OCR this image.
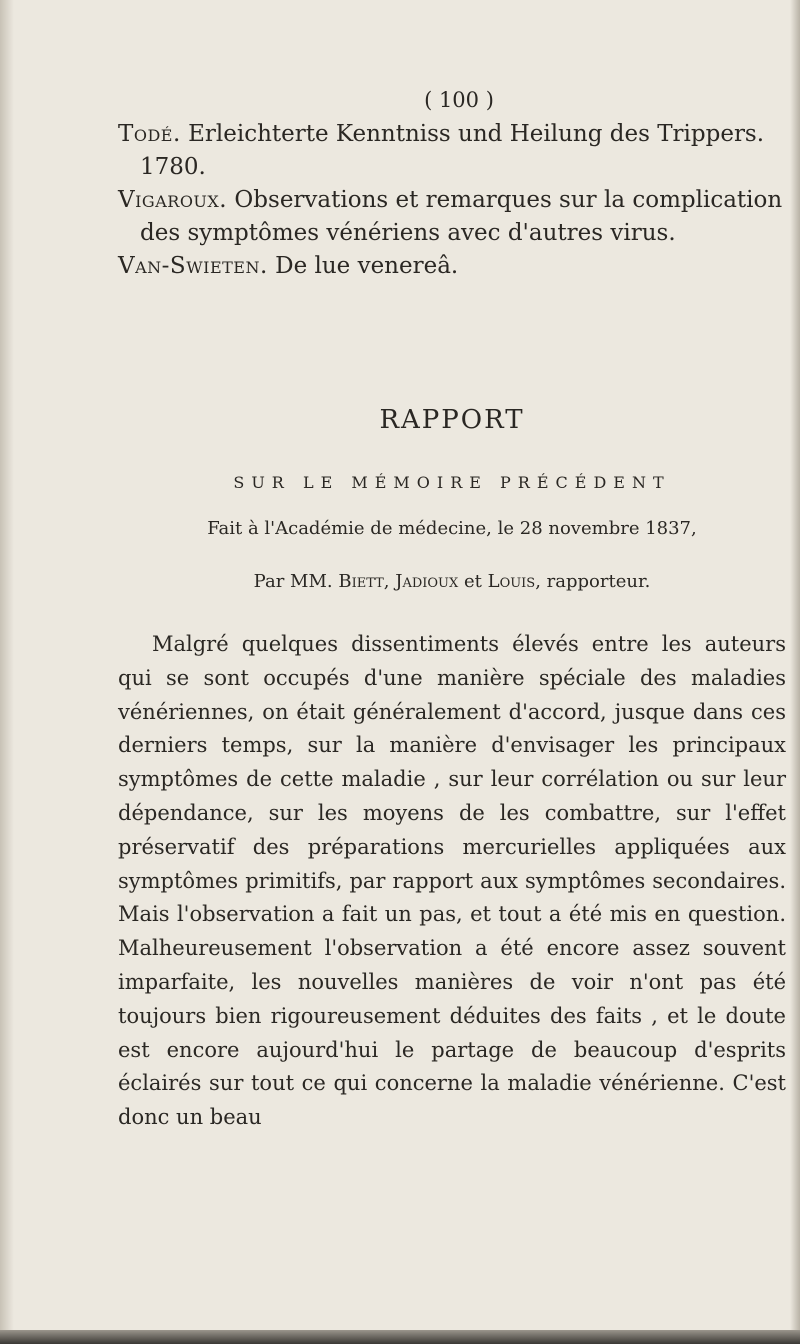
( 100 )

Todé. Erleichterte Kenntniss und Heilung des Trippers. 1780.

Vigaroux. Observations et remarques sur la complication des symptômes vénériens avec d'autres virus.

Van-Swieten. De lue venereâ.

RAPPORT
SUR LE MÉMOIRE PRÉCÉDENT
Fait à l'Académie de médecine, le 28 novembre 1837,
Par MM. Biett, Jadioux et Louis, rapporteur.

Malgré quelques dissentiments élevés entre les auteurs qui se sont occupés d'une manière spéciale des maladies vénériennes, on était généralement d'accord, jusque dans ces derniers temps, sur la manière d'envisager les principaux symptômes de cette maladie , sur leur corrélation ou sur leur dépendance, sur les moyens de les combattre, sur l'effet préservatif des préparations mercurielles appliquées aux symptômes primitifs, par rapport aux symptômes secondaires. Mais l'observation a fait un pas, et tout a été mis en question. Malheureusement l'observation a été encore assez souvent imparfaite, les nouvelles manières de voir n'ont pas été toujours bien rigoureusement déduites des faits , et le doute est encore aujourd'hui le partage de beaucoup d'esprits éclairés sur tout ce qui concerne la maladie vénérienne. C'est donc un beau
